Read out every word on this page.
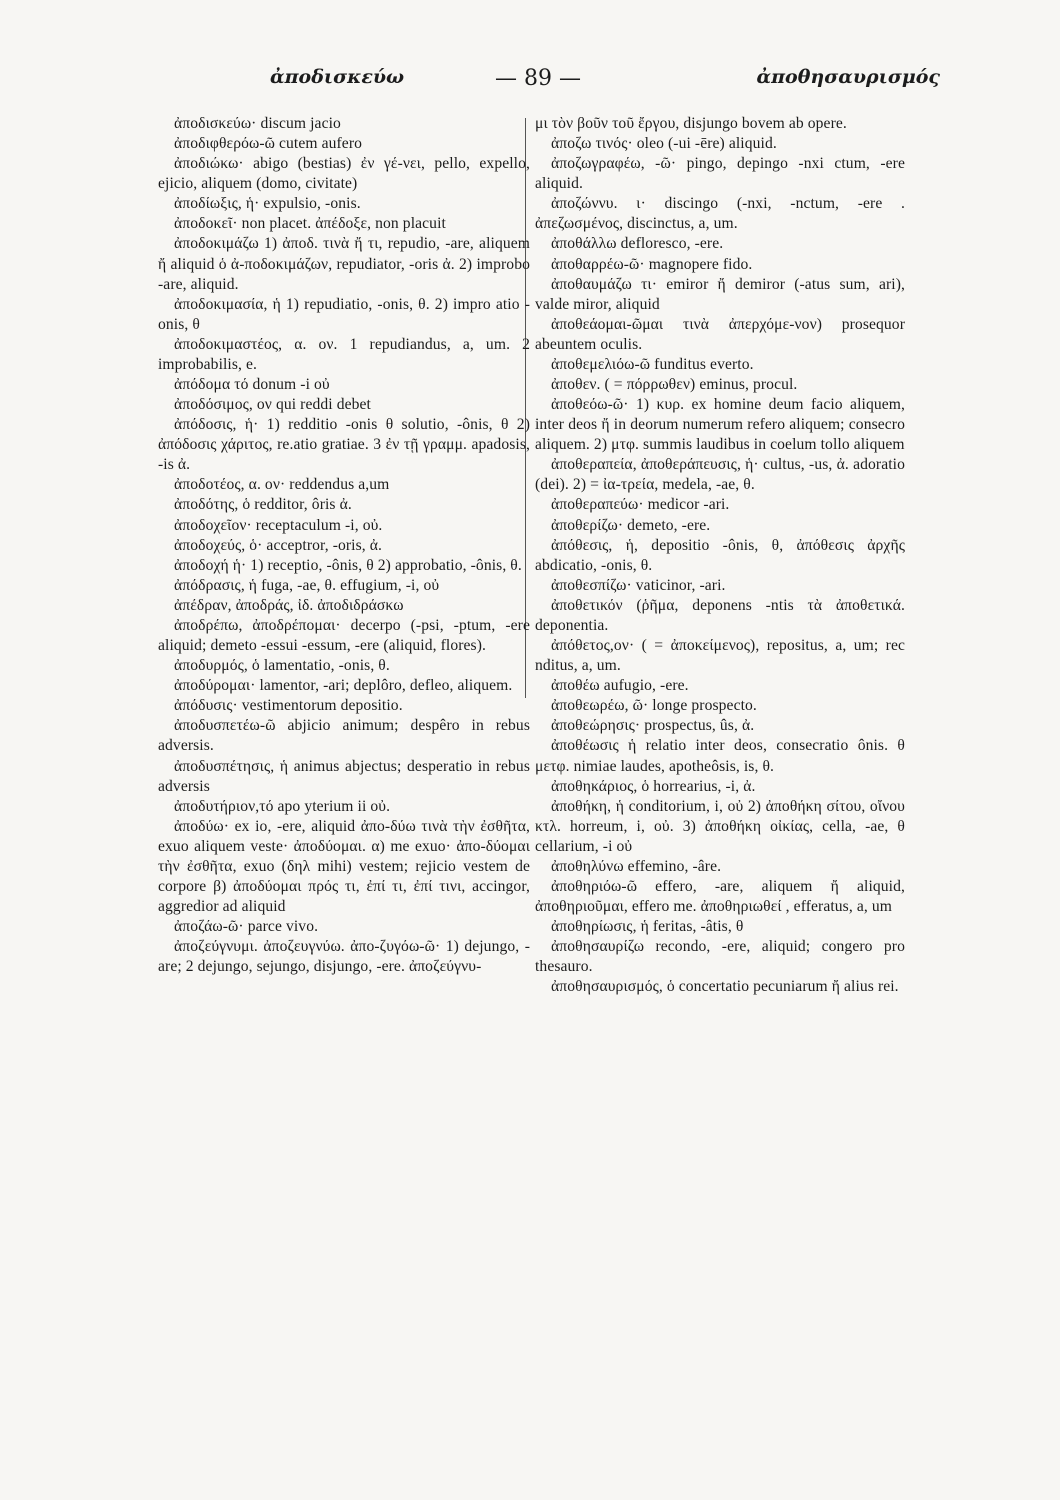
ἀποδισκεύω	— 89 —	ἀποθησαυρισμός

ἀποδισκεύω· discum jacio

ἀποδιφθερόω-ῶ cutem aufero

ἀποδιώκω· abigo (bestias) ἐν γέ-νει, pello, expello, ejicio, aliquem (domo, civitate)

ἀποδίωξις, ἡ· expulsio, -onis.

ἀποδοκεῖ· non placet. ἀπέδοξε, non placuit

ἀποδοκιμάζω 1) ἀποδ. τινὰ ἤ τι, repudio, -are, aliquem ἤ aliquid ὁ ἀ-ποδοκιμάζων, repudiator, -oris ἀ. 2) improbo -are, aliquid.

ἀποδοκιμασία, ἡ 1) repudiatio, -onis, θ. 2) impro atio -onis, θ

ἀποδοκιμαστέος, α. ον. 1 repudiandus, a, um. 2 improbabilis, e.

ἀπόδομα τό donum -i οὐ

ἀποδόσιμος, ον qui reddi debet

ἀπόδοσις, ἡ· 1) redditio -onis θ solutio, -ônis, θ 2) ἀπόδοσις χάριτος, re.atio gratiae. 3 ἐν τῇ γραμμ. apadosis, -is ἀ.

ἀποδοτέος, α. ον· reddendus a,um

ἀποδότης, ὁ redditor, ôris ἀ.

ἀποδοχεῖον· receptaculum -i, οὐ.

ἀποδοχεύς, ὁ· acceptror, -oris, ἀ.

ἀποδοχή ἡ· 1) receptio, -ônis, θ 2) approbatio, -ônis, θ.

ἀπόδρασις, ἡ fuga, -ae, θ. effugium, -i, οὐ

ἀπέδραν, ἀποδράς, ἰδ. ἀποδιδράσκω

ἀποδρέπω, ἀποδρέπομαι· decerpo (-psi, -ptum, -ere aliquid; demeto -essui -essum, -ere (aliquid, flores).

ἀποδυρμός, ὁ lamentatio, -onis, θ.

ἀποδύρομαι· lamentor, -ari; deplôro, defleo, aliquem.

ἀπόδυσις· vestimentorum depositio.

ἀποδυσπετέω-ῶ abjicio animum; despêro in rebus adversis.

ἀποδυσπέτησις, ἡ animus abjectus; desperatio in rebus adversis

ἀποδυτήριον,τό apo yterium ii οὐ.

ἀποδύω· ex io, -ere, aliquid ἀπο-δύω τινὰ τὴν ἐσθῆτα, exuo aliquem veste· ἀποδύομαι. α) me exuo· ἀπο-δύομαι τὴν ἐσθῆτα, exuo (δηλ mihi) vestem; rejicio vestem de corpore β) ἀποδύομαι πρός τι, ἐπί τι, ἐπί τινι, accingor, aggredior ad aliquid

ἀποζάω-ῶ· parce vivo.

ἀποζεύγνυμι. ἀποζευγνύω. ἀπο-ζυγόω-ῶ· 1) dejungo, -are; 2 dejungo, sejungo, disjungo, -ere. ἀποζεύγνυ-

μι τὸν βοῦν τοῦ ἔργου, disjungo bovem ab opere.

ἀποζω τινός· oleo (-ui -ēre) aliquid.

ἀποζωγραφέω, -ῶ· pingo, depingo -nxi ctum, -ere aliquid.

ἀποζώννυ. ι· discingo (-nxi, -nctum, -ere . ἀπεζωσμένος, discinctus, a, um.

ἀποθάλλω defloresco, -ere.

ἀποθαρρέω-ῶ· magnopere fido.

ἀποθαυμάζω τι· emiror ἤ demiror (-atus sum, ari), valde miror, aliquid

ἀποθεάομαι-ῶμαι τινὰ ἀπερχόμε-νον) prosequor abeuntem oculis.

ἀποθεμελιόω-ῶ funditus everto.

ἀποθεν. ( = πόρρωθεν) eminus, procul.

ἀποθεόω-ῶ· 1) κυρ. ex homine deum facio aliquem, inter deos ἤ in deorum numerum refero aliquem; consecro aliquem. 2) μτφ. summis laudibus in coelum tollo aliquem

ἀποθεραπεία, ἀποθεράπευσις, ἡ· cultus, -us, ἀ. adoratio (dei). 2) = ἰα-τρεία, medela, -ae, θ.

ἀποθεραπεύω· medicor -ari.

ἀποθερίζω· demeto, -ere.

ἀπόθεσις, ἡ, depositio -ônis, θ, ἀπόθεσις ἀρχῆς abdicatio, -onis, θ.

ἀποθεσπίζω· vaticinor, -ari.

ἀποθετικόν (ῥῆμα, deponens -ntis τὰ ἀποθετικά. deponentia.

ἀπόθετος,ον· ( = ἀποκείμενος), repositus, a, um; rec nditus, a, um.

ἀποθέω aufugio, -ere.

ἀποθεωρέω, ῶ· longe prospecto.

ἀποθεώρησις· prospectus, ûs, ἀ.

ἀποθέωσις ἡ relatio inter deos, consecratio ônis. θ μετφ. nimiae laudes, apotheôsis, is, θ.

ἀποθηκάριος, ὁ horrearius, -i, ἀ.

ἀποθήκη, ἡ conditorium, i, οὐ 2) ἀποθήκη σίτου, οἴνου κτλ. horreum, i, οὐ. 3) ἀποθήκη οἰκίας, cella, -ae, θ cellarium, -i οὐ

ἀποθηλύνω effemino, -âre.

ἀποθηριόω-ῶ effero, -are, aliquem ἤ aliquid, ἀποθηριοῦμαι, effero me. ἀποθηριωθεί , efferatus, a, um

ἀποθηρίωσις, ἡ feritas, -âtis, θ

ἀποθησαυρίζω recondo, -ere, aliquid; congero pro thesauro.

ἀποθησαυρισμός, ὁ concertatio pecuniarum ἤ alius rei.
